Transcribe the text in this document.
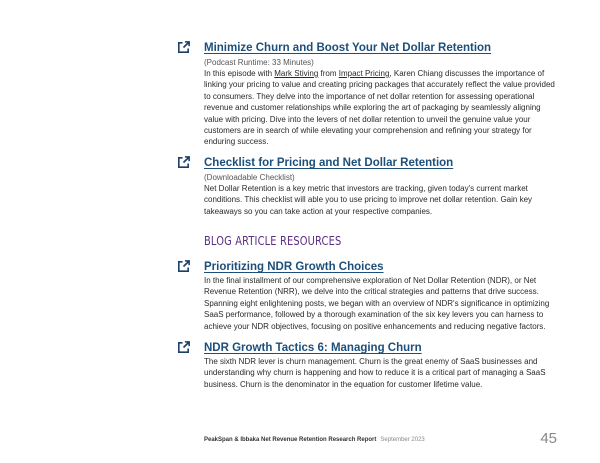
Minimize Churn and Boost Your Net Dollar Retention
(Podcast Runtime: 33 Minutes)
In this episode with Mark Stiving from Impact Pricing, Karen Chiang discusses the importance of linking your pricing to value and creating pricing packages that accurately reflect the value provided to consumers. They delve into the importance of net dollar retention for assessing operational revenue and customer relationships while exploring the art of packaging by seamlessly aligning value with pricing. Dive into the levers of net dollar retention to unveil the genuine value your customers are in search of while elevating your comprehension and refining your strategy for enduring success.
Checklist for Pricing and Net Dollar Retention
(Downloadable Checklist)
Net Dollar Retention is a key metric that investors are tracking, given today's current market conditions. This checklist will able you to use pricing to improve net dollar retention. Gain key takeaways so you can take action at your respective companies.
BLOG ARTICLE RESOURCES
Prioritizing NDR Growth Choices
In the final installment of our comprehensive exploration of Net Dollar Retention (NDR), or Net Revenue Retention (NRR), we delve into the critical strategies and patterns that drive success. Spanning eight enlightening posts, we began with an overview of NDR's significance in optimizing SaaS performance, followed by a thorough examination of the six key levers you can harness to achieve your NDR objectives, focusing on positive enhancements and reducing negative factors.
NDR Growth Tactics 6: Managing Churn
The sixth NDR lever is churn management. Churn is the great enemy of SaaS businesses and understanding why churn is happening and how to reduce it is a critical part of managing a SaaS business. Churn is the denominator in the equation for customer lifetime value.
PeakSpan & Ibbaka Net Revenue Retention Research Report September 2023	45
